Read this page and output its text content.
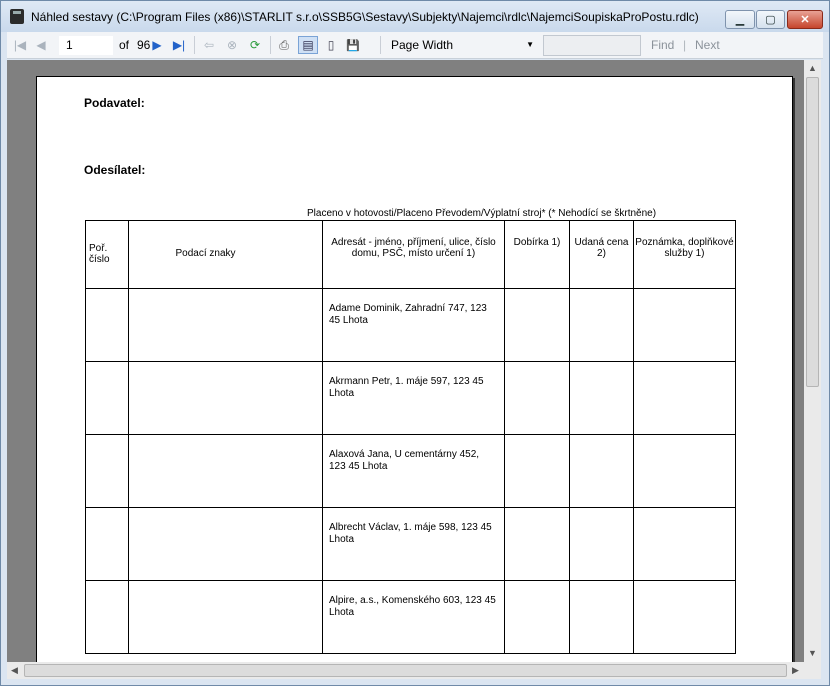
Náhled sestavy (C:\Program Files (x86)\STARLIT s.r.o\SSB5G\Sestavy\Subjekty\Najemci\rdlc\NajemciSoupiskaProPostu.rdlc)	▁ ▢ ✕
|◀ ◀	1	of 96 ▶ ▶| ⇦ ⊗ ⟳ ⎙	▤	▯	💾	Page Width	▼	Find | Next
Podavatel:
Odesílatel:
Placeno v hotovosti/Placeno Převodem/Výplatní stroj* (* Nehodící se škrtněne)
Poř. číslo	Podací znaky	Adresát - jméno, příjmení, ulice, číslo domu, PSČ, místo určení 1)	Dobírka 1)	Udaná cena 2)	Poznámka, doplňkové služby 1)
		Adame Dominik, Zahradní 747, 123 45 Lhota			
		Akrmann Petr, 1. máje 597, 123 45 Lhota			
		Alaxová Jana, U cementárny 452, 123 45 Lhota			
		Albrecht Václav, 1. máje 598, 123 45 Lhota			
		Alpire, a.s., Komenského 603, 123 45 Lhota			
▲
▼
◀	▶
